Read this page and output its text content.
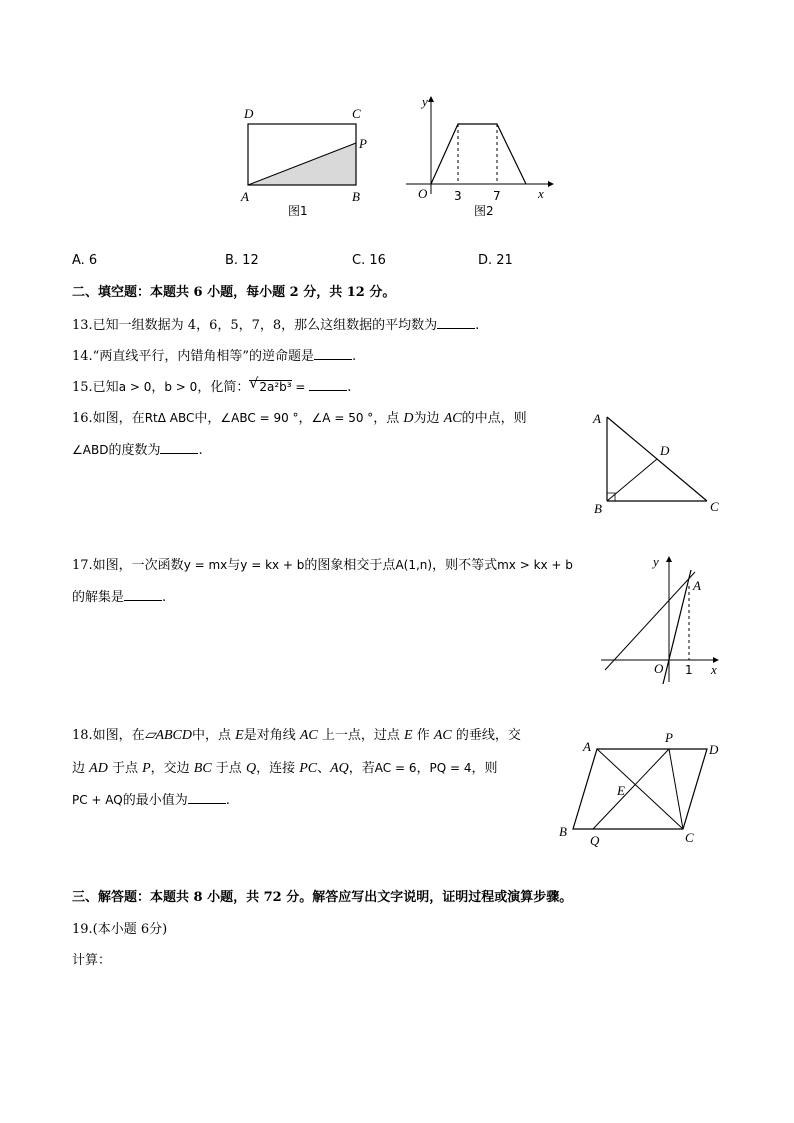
D	C
P
A	B
图1
y
O 3	7	x
图2
A. 6	B. 12	C. 16	D. 21
二、填空题：本题共 6 小题，每小题 2 分，共 12 分。
13.已知一组数据为 4，6，5，7，8，那么这组数据的平均数为	.
14.“两直线平行，内错角相等”的逆命题是	.
15.已知a > 0，b > 0，化简： √ 2a²b³ =	.
16.如图，在RtΔ ABC中，∠ABC = 90 °，∠A = 50 °，点 D为边 AC的中点，则
∠ABD的度数为	.
A
D
B	C
17.如图，一次函数y = mx与y = kx + b的图象相交于点A(1,n)，则不等式mx > kx + b
的解集是	.
y
A
O 1 x
18.如图，在▱ABCD中，点 E是对角线 AC 上一点，过点 E 作 AC 的垂线，交
边 AD 于点 P，交边 BC 于点 Q，连接 PC、AQ，若AC = 6，PQ = 4，则
PC + AQ的最小值为	.
A
P
D
E
B
Q	C
三、解答题：本题共 8 小题，共 72 分。解答应写出文字说明，证明过程或演算步骤。
19.(本小题 6分)
计算：
